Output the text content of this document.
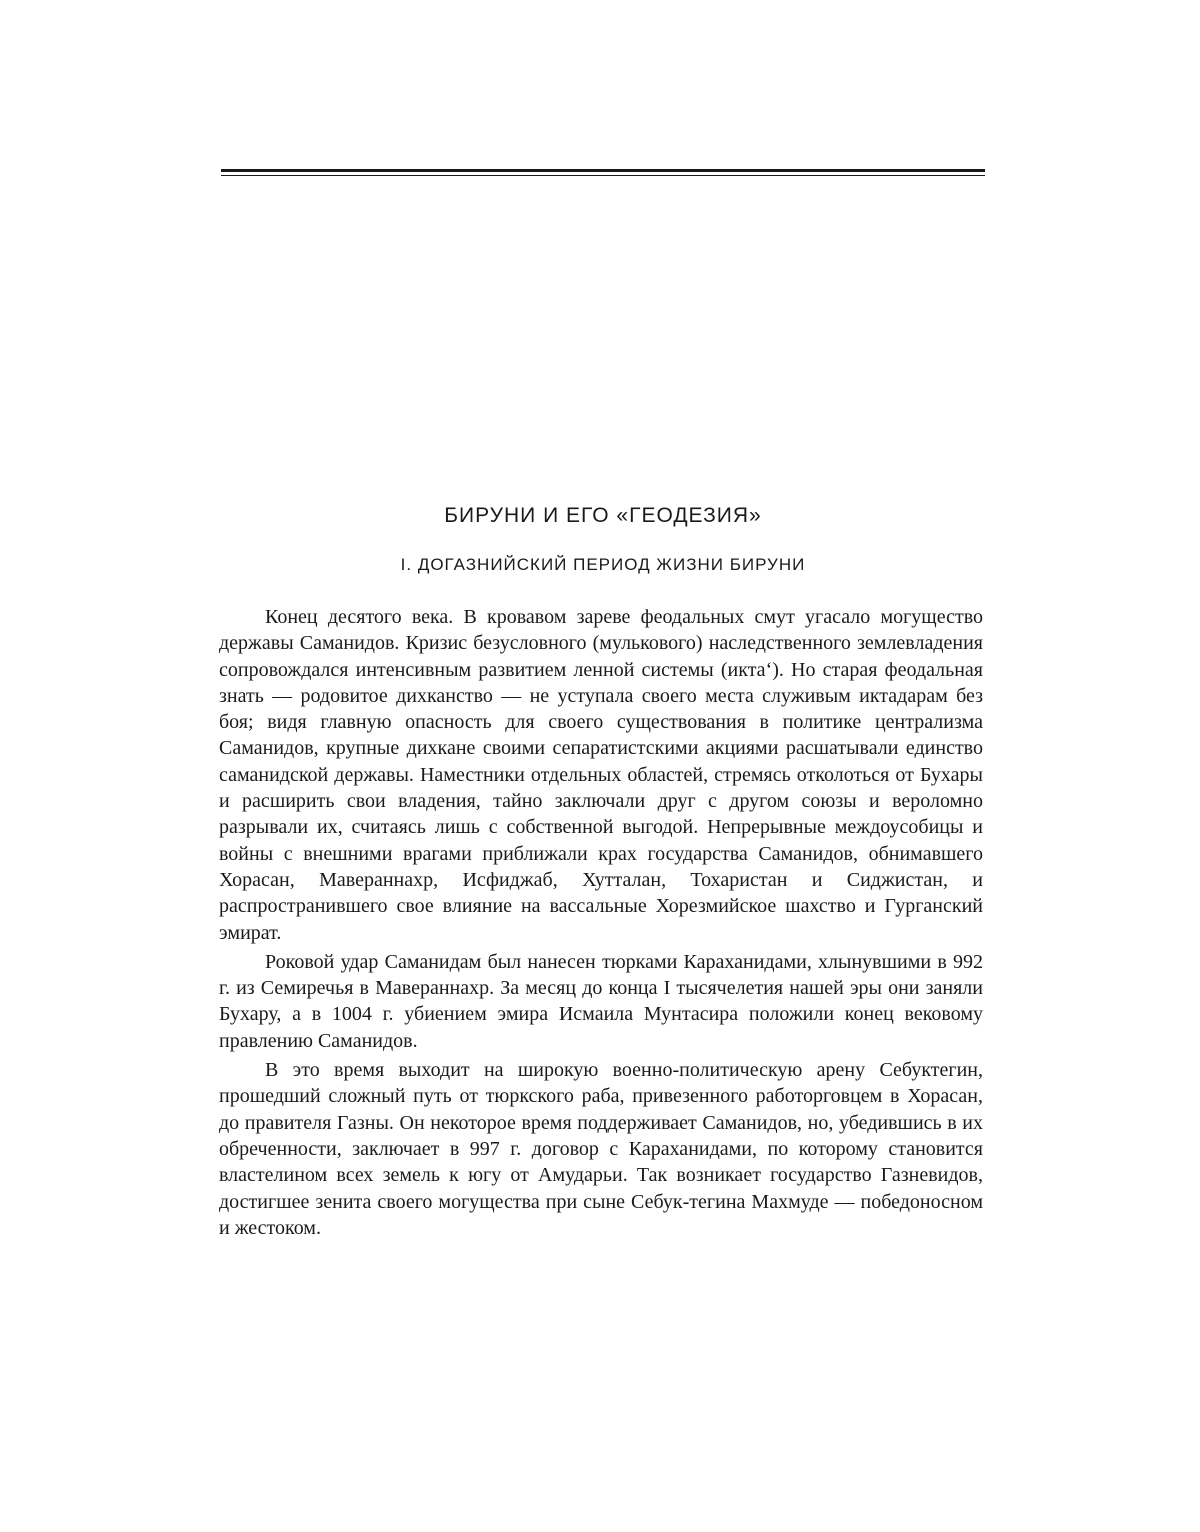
БИРУНИ И ЕГО «ГЕОДЕЗИЯ»
I. ДОГАЗНИЙСКИЙ ПЕРИОД ЖИЗНИ БИРУНИ

Конец десятого века. В кровавом зареве феодальных смут угасало могущество державы Саманидов. Кризис безусловного (мулькового) наследственного землевладения сопровождался интенсивным развитием ленной системы (икта‘). Но старая феодальная знать — родовитое дихканство — не уступала своего места служивым иктадарам без боя; видя главную опасность для своего существования в политике централизма Саманидов, крупные дихкане своими сепаратистскими акциями расшатывали единство саманидской державы. Наместники отдельных областей, стремясь отколоться от Бухары и расширить свои владения, тайно заключали друг с другом союзы и вероломно разрывали их, считаясь лишь с собственной выгодой. Непрерывные междоусобицы и войны с внешними врагами приближали крах государства Саманидов, обнимавшего Хорасан, Мавераннахр, Исфиджаб, Хутталан, Тохаристан и Сиджистан, и распространившего свое влияние на вассальные Хорезмийское шахство и Гурганский эмират.

Роковой удар Саманидам был нанесен тюрками Караханидами, хлынувшими в 992 г. из Семиречья в Мавераннахр. За месяц до конца I тысячелетия нашей эры они заняли Бухару, а в 1004 г. убиением эмира Исмаила Мунтасира положили конец вековому правлению Саманидов.

В это время выходит на широкую военно-политическую арену Себуктегин, прошедший сложный путь от тюркского раба, привезенного работорговцем в Хорасан, до правителя Газны. Он некоторое время поддерживает Саманидов, но, убедившись в их обреченности, заключает в 997 г. договор с Караханидами, по которому становится властелином всех земель к югу от Амударьи. Так возникает государство Газневидов, достигшее зенита своего могущества при сыне Себук-тегина Махмуде — победоносном и жестоком.
